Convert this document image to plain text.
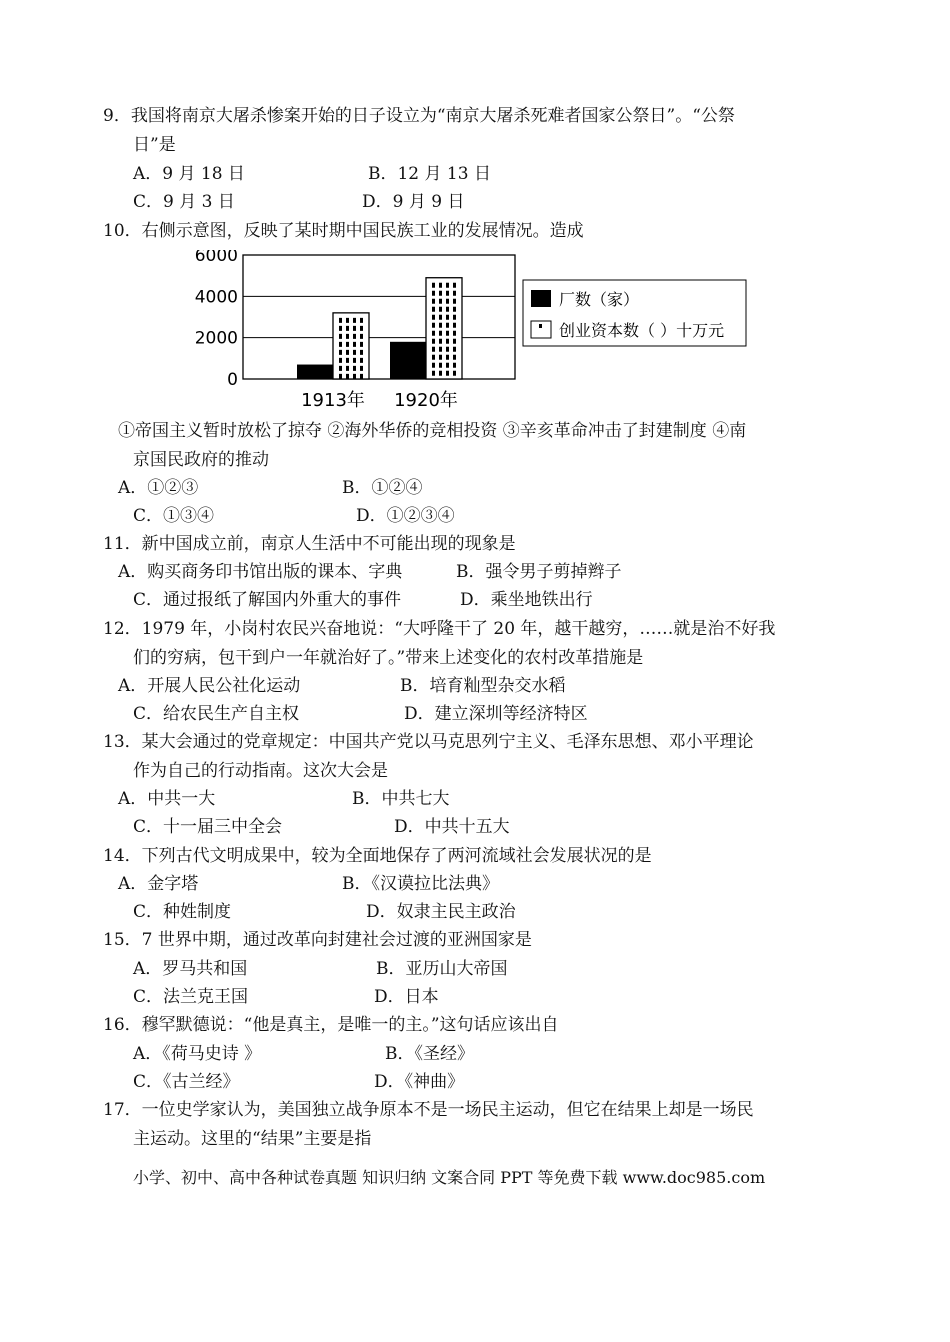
9．我国将南京大屠杀惨案开始的日子设立为“南京大屠杀死难者国家公祭日”。“公祭
日”是
A．9 月 18 日	B．12 月 13 日
C．9 月 3 日	D．9 月 9 日
10．右侧示意图，反映了某时期中国民族工业的发展情况。造成
6000
4000
2000
0
1913年 1920年
厂数（家）
创业资本数（ ）十万元
①帝国主义暂时放松了掠夺 ②海外华侨的竞相投资 ③辛亥革命冲击了封建制度 ④南
京国民政府的推动
A．①②③	B．①②④
C．①③④	D．①②③④
11．新中国成立前，南京人生活中不可能出现的现象是
A．购买商务印书馆出版的课本、字典	B．强令男子剪掉辫子
C．通过报纸了解国内外重大的事件	D．乘坐地铁出行
12．1979 年，小岗村农民兴奋地说：“大呼隆干了 20 年，越干越穷，……就是治不好我
们的穷病，包干到户一年就治好了。”带来上述变化的农村改革措施是
A．开展人民公社化运动	B．培育籼型杂交水稻
C．给农民生产自主权	D．建立深圳等经济特区
13．某大会通过的党章规定：中国共产党以马克思列宁主义、毛泽东思想、邓小平理论
作为自己的行动指南。这次大会是
A．中共一大	B．中共七大
C．十一届三中全会	D．中共十五大
14．下列古代文明成果中，较为全面地保存了两河流域社会发展状况的是
A．金字塔	B．《汉谟拉比法典》
C．种姓制度	D．奴隶主民主政治
15．7 世界中期，通过改革向封建社会过渡的亚洲国家是
A．罗马共和国	B．亚历山大帝国
C．法兰克王国	D．日本
16．穆罕默德说：“他是真主，是唯一的主。”这句话应该出自
A．《荷马史诗 》	B．《圣经》
C．《古兰经》	D．《神曲》
17．一位史学家认为，美国独立战争原本不是一场民主运动，但它在结果上却是一场民
主运动。这里的“结果”主要是指
小学、初中、高中各种试卷真题 知识归纳 文案合同 PPT 等免费下载 www.doc985.com
